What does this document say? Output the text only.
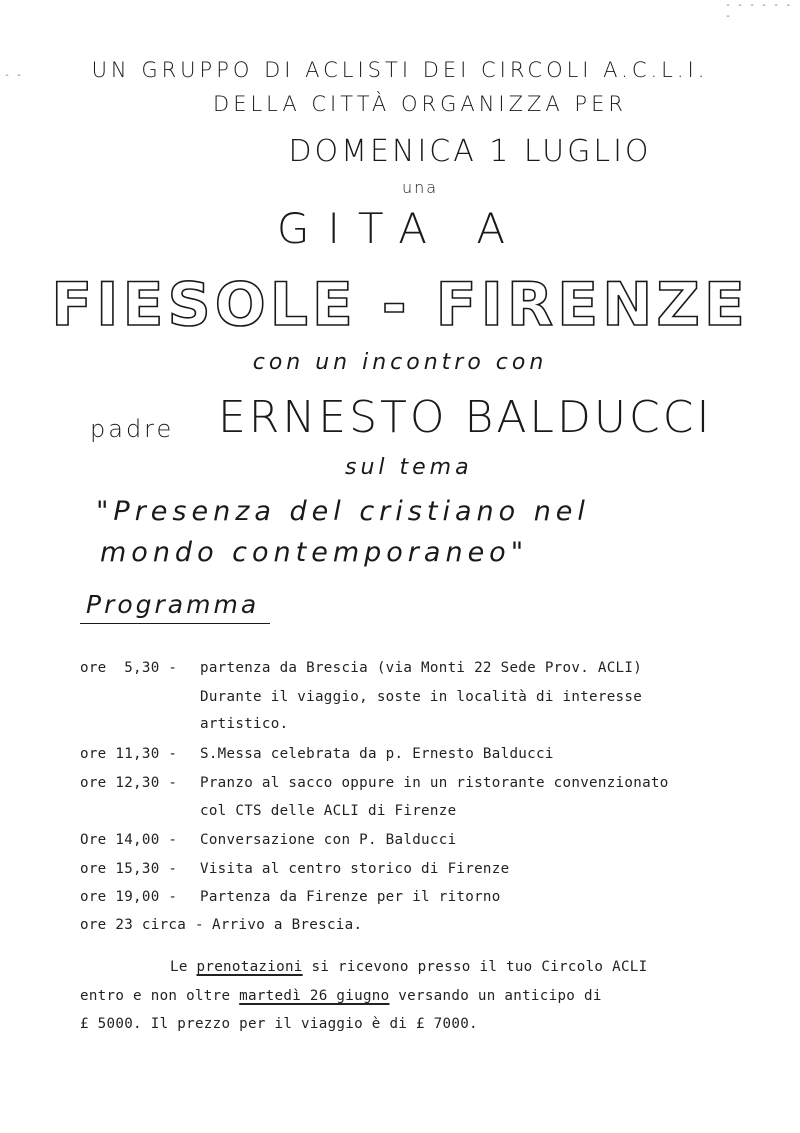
- - - - - - -
- -	UN GRUPPO DI ACLISTI DEI CIRCOLI A.C.L.I.
DELLA CITTÀ ORGANIZZA PER
DOMENICA 1 LUGLIO
una
GITA A
FIESOLE - FIRENZE
con un incontro con
padre ERNESTO BALDUCCI
sul tema
"Presenza del cristiano nel
mondo contemporaneo"
Programma
ore  5,30 - partenza da Brescia (via Monti 22 Sede Prov. ACLI)
Durante il viaggio, soste in località di interesse
artistico.
ore 11,30 - S.Messa celebrata da p. Ernesto Balducci
ore 12,30 - Pranzo al sacco oppure in un ristorante convenzionato
col CTS delle ACLI di Firenze
Ore 14,00 - Conversazione con P. Balducci
ore 15,30 - Visita al centro storico di Firenze
ore 19,00 - Partenza da Firenze per il ritorno
ore 23 circa - Arrivo a Brescia.
Le prenotazioni si ricevono presso il tuo Circolo ACLI
entro e non oltre martedì 26 giugno versando un anticipo di
£ 5000. Il prezzo per il viaggio è di £ 7000.
